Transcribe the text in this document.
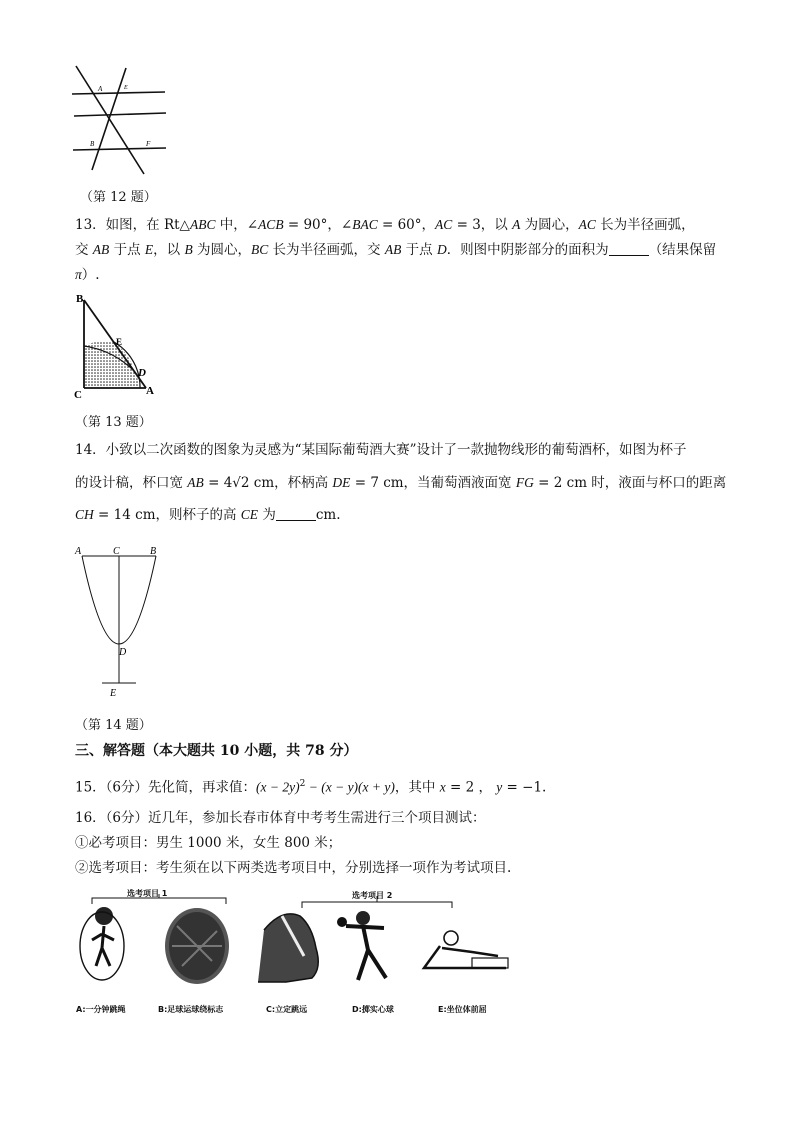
A
B
E
F
（第 12 题）
13．如图，在 Rt△ABC 中，∠ACB = 90°，∠BAC = 60°，AC = 3，以 A 为圆心，AC 长为半径画弧，
交 AB 于点 E，以 B 为圆心，BC 长为半径画弧，交 AB 于点 D．则图中阴影部分的面积为	（结果保留
π）.
B
E
D
C	A
（第 13 题）
14．小致以二次函数的图象为灵感为“某国际葡萄酒大赛”设计了一款抛物线形的葡萄酒杯，如图为杯子
的设计稿，杯口宽 AB = 4√2 cm，杯柄高 DE = 7 cm，当葡萄酒液面宽 FG = 2 cm 时，液面与杯口的距离
CH = 14 cm，则杯子的高 CE 为	cm.
A	C	B
D
E
（第 14 题）
三、解答题（本大题共 10 小题，共 78 分）
15．（6分）先化简，再求值：$(x - 2y)^2 - (x - y)(x + y)$，其中 x = 2 ， y = −1.
16．（6分）近几年，参加长春市体育中考考生需进行三个项目测试：
①必考项目：男生 1000 米，女生 800 米；
②选考项目：考生须在以下两类选考项目中，分别选择一项作为考试项目.
选考项目 1	选考项目 2
A:一分钟跳绳	B:足球运球绕标志	C:立定跳远	D:掷实心球	E:坐位体前屈
